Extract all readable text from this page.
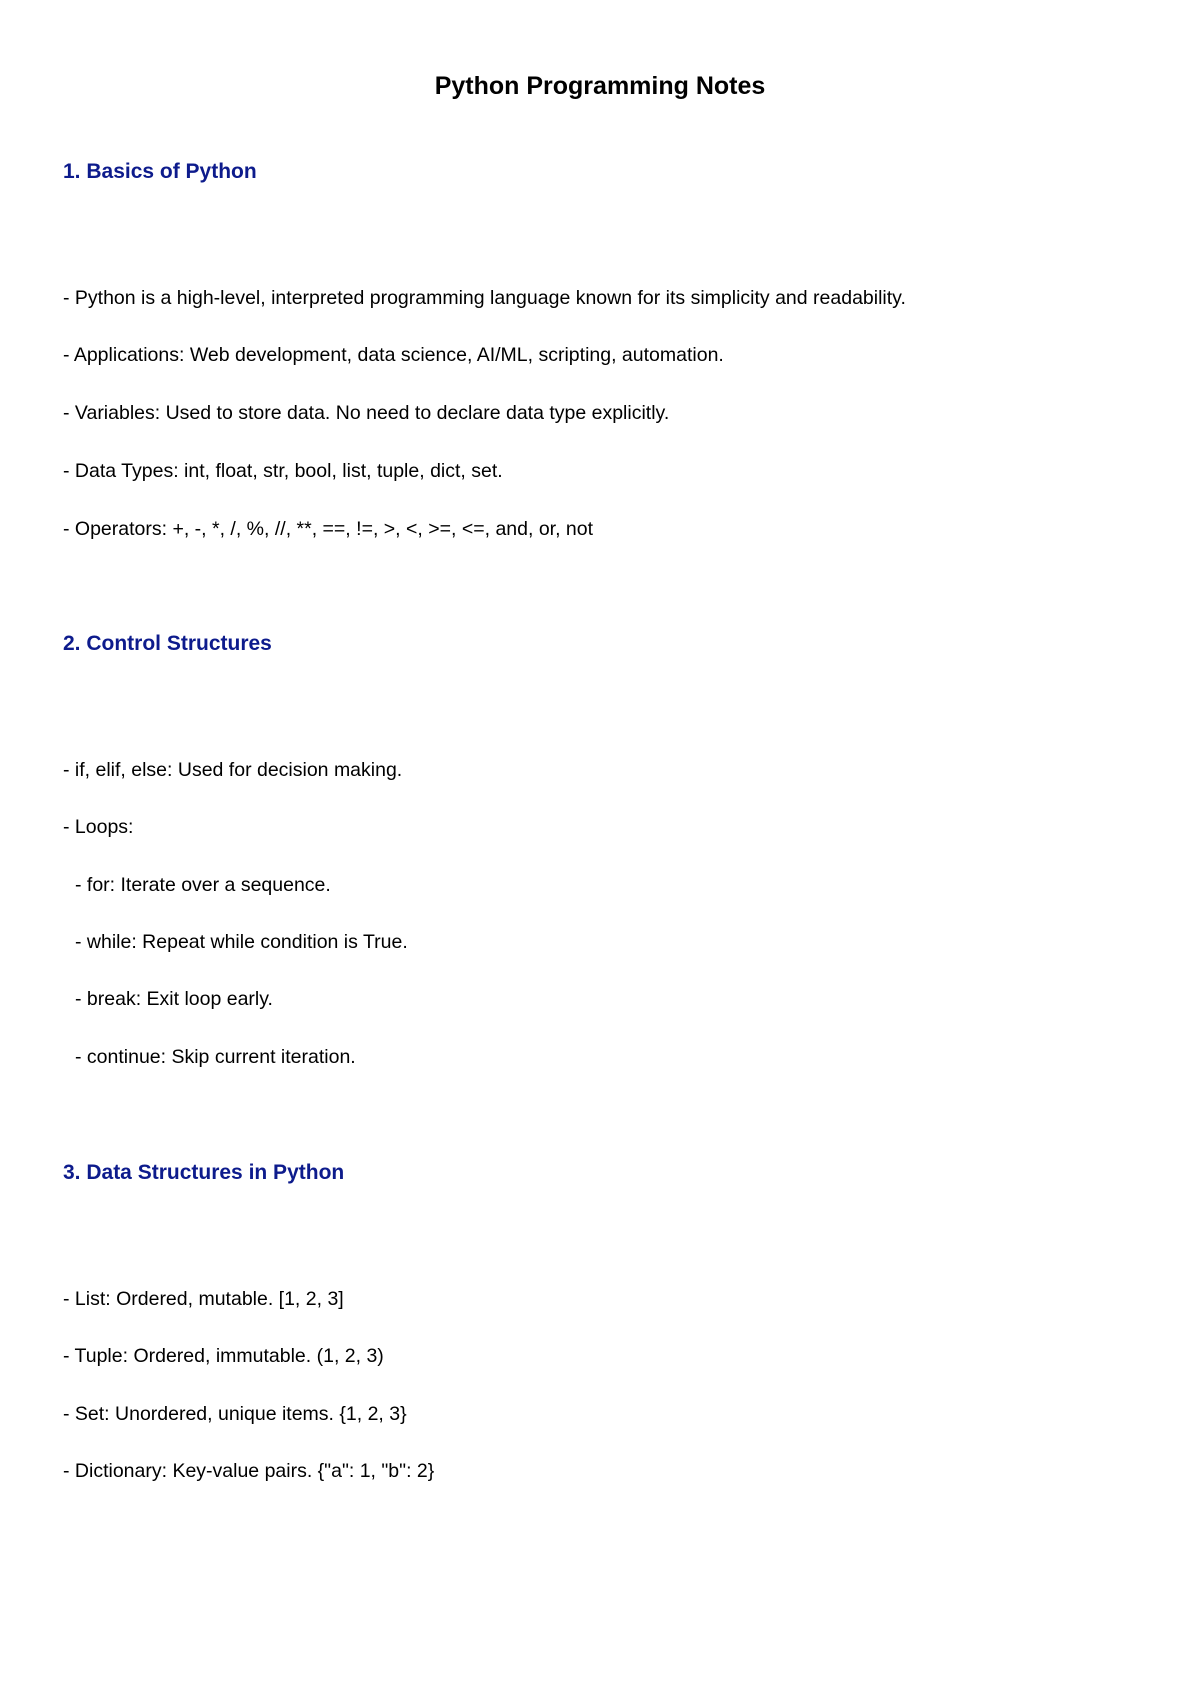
Python Programming Notes
1. Basics of Python

- Python is a high-level, interpreted programming language known for its simplicity and readability.

- Applications: Web development, data science, AI/ML, scripting, automation.

- Variables: Used to store data. No need to declare data type explicitly.

- Data Types: int, float, str, bool, list, tuple, dict, set.

- Operators: +, -, *, /, %, //, **, ==, !=, >, <, >=, <=, and, or, not

2. Control Structures

- if, elif, else: Used for decision making.

- Loops:

- for: Iterate over a sequence.

- while: Repeat while condition is True.

- break: Exit loop early.

- continue: Skip current iteration.

3. Data Structures in Python

- List: Ordered, mutable. [1, 2, 3]

- Tuple: Ordered, immutable. (1, 2, 3)

- Set: Unordered, unique items. {1, 2, 3}

- Dictionary: Key-value pairs. {"a": 1, "b": 2}
